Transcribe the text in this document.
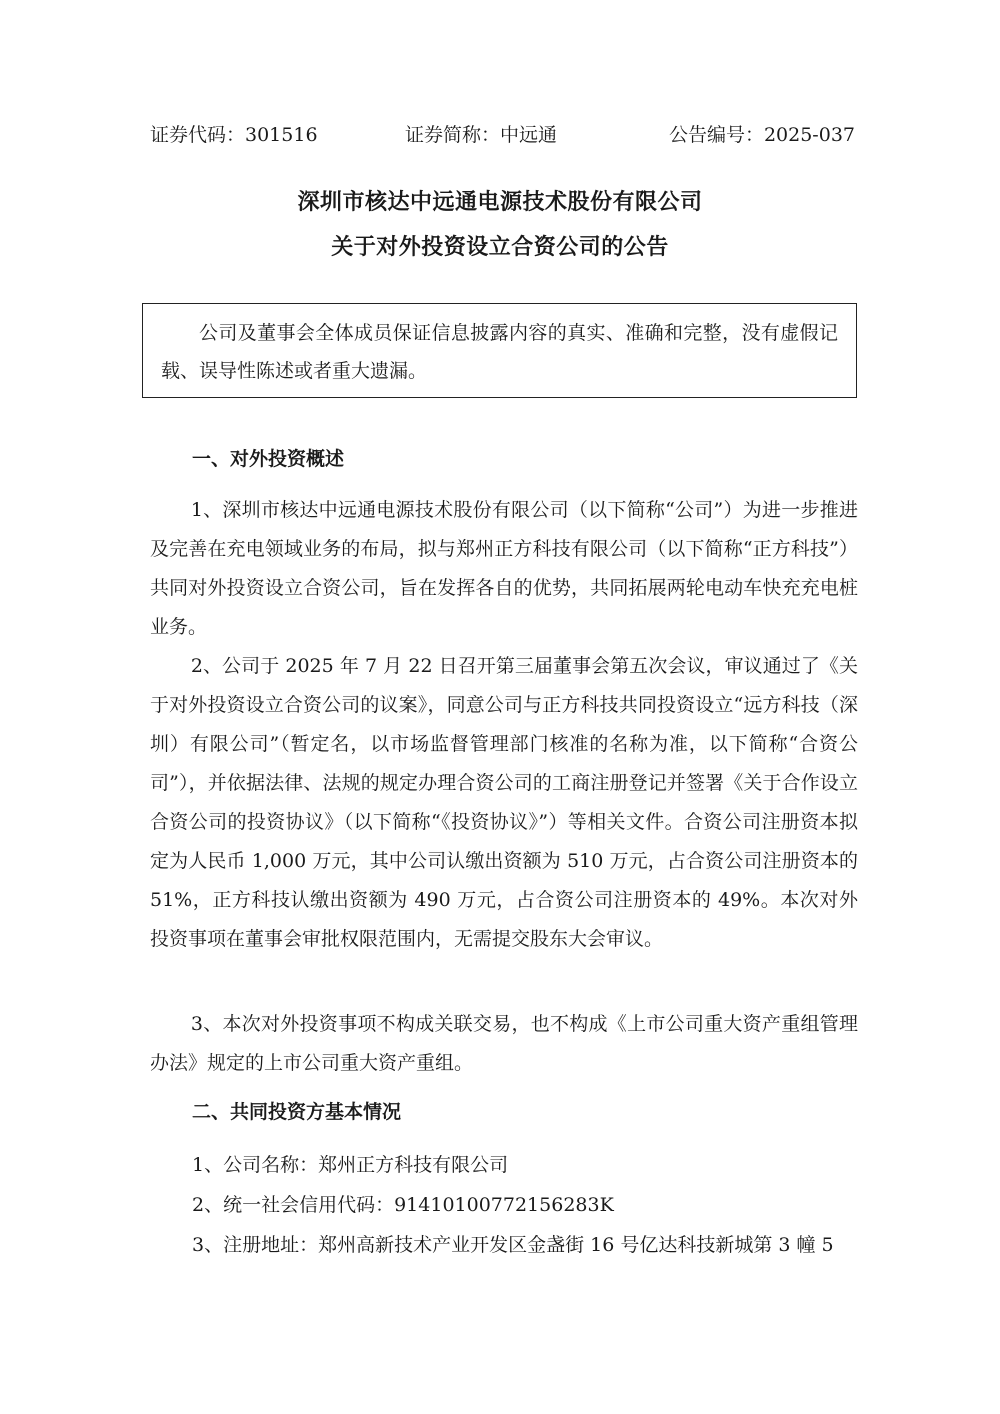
证券代码：301516	证券简称：中远通	公告编号：2025-037
深圳市核达中远通电源技术股份有限公司
关于对外投资设立合资公司的公告
公司及董事会全体成员保证信息披露内容的真实、准确和完整，没有虚假记载、误导性陈述或者重大遗漏。
一、对外投资概述
1、深圳市核达中远通电源技术股份有限公司（以下简称“公司”）为进一步推进及完善在充电领域业务的布局，拟与郑州正方科技有限公司（以下简称“正方科技”）共同对外投资设立合资公司，旨在发挥各自的优势，共同拓展两轮电动车快充充电桩业务。
2、公司于 2025 年 7 月 22 日召开第三届董事会第五次会议，审议通过了《关于对外投资设立合资公司的议案》，同意公司与正方科技共同投资设立“远方科技（深圳）有限公司”（暂定名，以市场监督管理部门核准的名称为准，以下简称“合资公司”），并依据法律、法规的规定办理合资公司的工商注册登记并签署《关于合作设立合资公司的投资协议》（以下简称“《投资协议》”）等相关文件。合资公司注册资本拟定为人民币 1,000 万元，其中公司认缴出资额为 510 万元，占合资公司注册资本的 51%，正方科技认缴出资额为 490 万元，占合资公司注册资本的 49%。本次对外投资事项在董事会审批权限范围内，无需提交股东大会审议。
3、本次对外投资事项不构成关联交易，也不构成《上市公司重大资产重组管理办法》规定的上市公司重大资产重组。
二、共同投资方基本情况
1、公司名称：郑州正方科技有限公司
2、统一社会信用代码：91410100772156283K
3、注册地址：郑州高新技术产业开发区金盏街 16 号亿达科技新城第 3 幢 5
